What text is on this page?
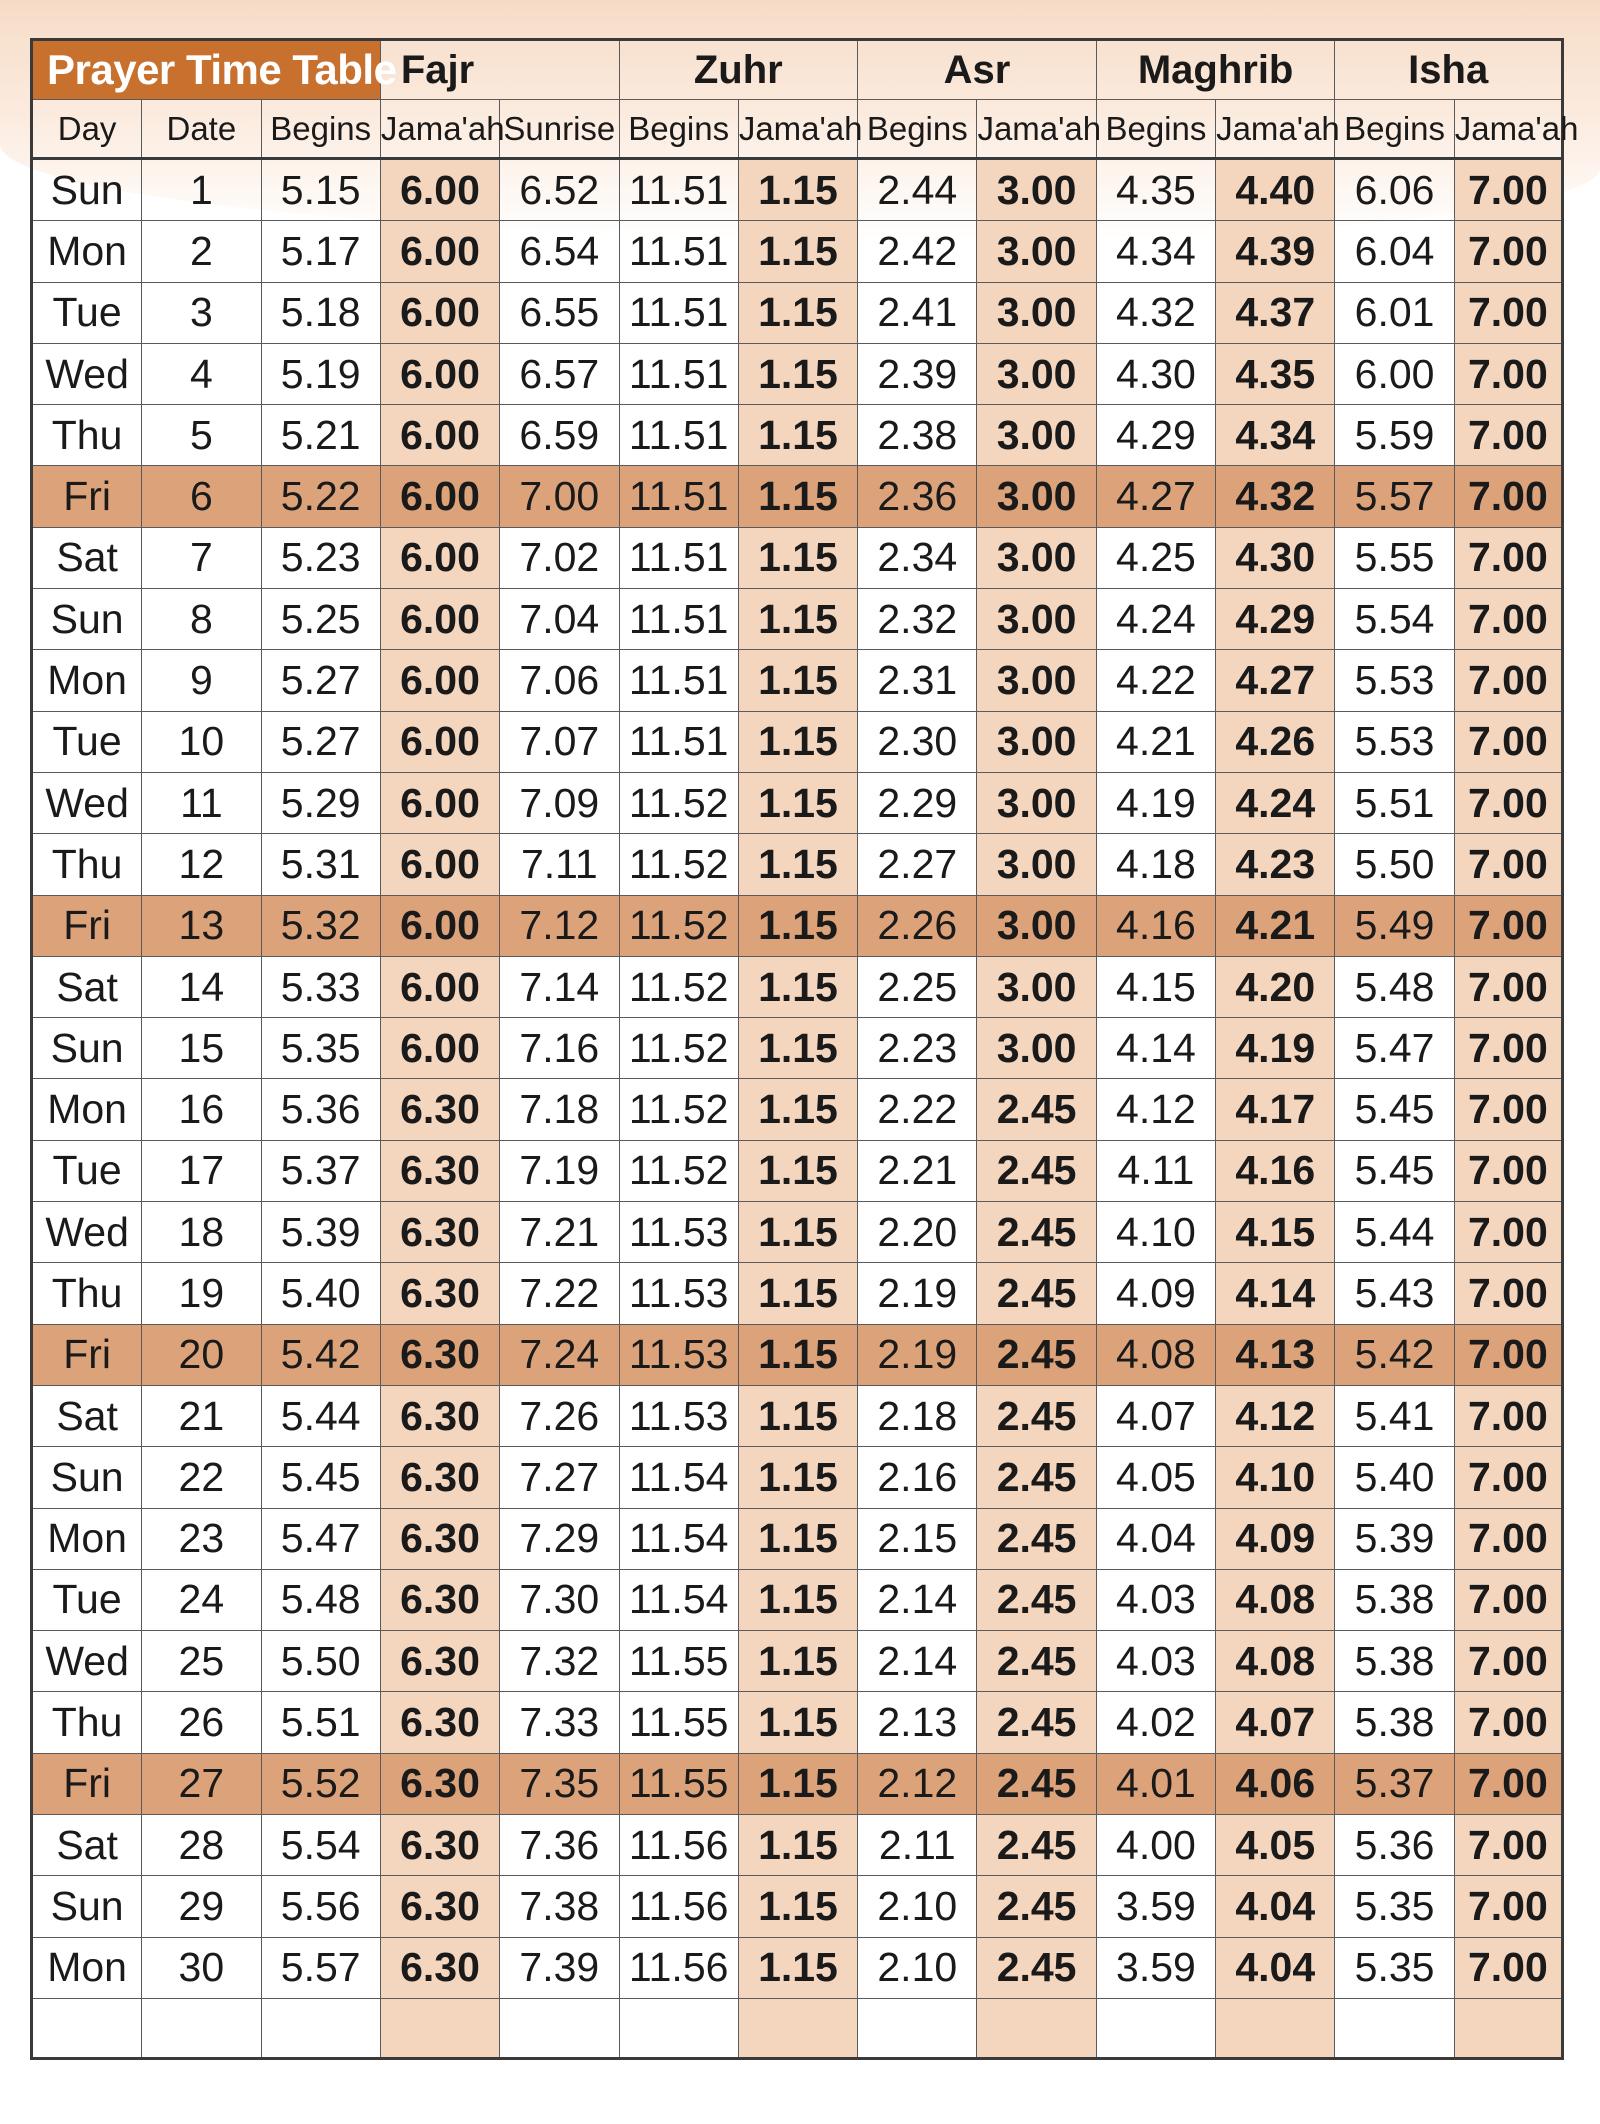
Prayer Time Table			Fajr		Zuhr		Asr		Maghrib		Isha	
Day	Date	Begins	Jama'ah	Sunrise	Begins	Jama'ah	Begins	Jama'ah	Begins	Jama'ah	Begins	Jama'ah
Sun	1	5.15	6.00	6.52	11.51	1.15	2.44	3.00	4.35	4.40	6.06	7.00
Mon	2	5.17	6.00	6.54	11.51	1.15	2.42	3.00	4.34	4.39	6.04	7.00
Tue	3	5.18	6.00	6.55	11.51	1.15	2.41	3.00	4.32	4.37	6.01	7.00
Wed	4	5.19	6.00	6.57	11.51	1.15	2.39	3.00	4.30	4.35	6.00	7.00
Thu	5	5.21	6.00	6.59	11.51	1.15	2.38	3.00	4.29	4.34	5.59	7.00
Fri	6	5.22	6.00	7.00	11.51	1.15	2.36	3.00	4.27	4.32	5.57	7.00
Sat	7	5.23	6.00	7.02	11.51	1.15	2.34	3.00	4.25	4.30	5.55	7.00
Sun	8	5.25	6.00	7.04	11.51	1.15	2.32	3.00	4.24	4.29	5.54	7.00
Mon	9	5.27	6.00	7.06	11.51	1.15	2.31	3.00	4.22	4.27	5.53	7.00
Tue	10	5.27	6.00	7.07	11.51	1.15	2.30	3.00	4.21	4.26	5.53	7.00
Wed	11	5.29	6.00	7.09	11.52	1.15	2.29	3.00	4.19	4.24	5.51	7.00
Thu	12	5.31	6.00	7.11	11.52	1.15	2.27	3.00	4.18	4.23	5.50	7.00
Fri	13	5.32	6.00	7.12	11.52	1.15	2.26	3.00	4.16	4.21	5.49	7.00
Sat	14	5.33	6.00	7.14	11.52	1.15	2.25	3.00	4.15	4.20	5.48	7.00
Sun	15	5.35	6.00	7.16	11.52	1.15	2.23	3.00	4.14	4.19	5.47	7.00
Mon	16	5.36	6.30	7.18	11.52	1.15	2.22	2.45	4.12	4.17	5.45	7.00
Tue	17	5.37	6.30	7.19	11.52	1.15	2.21	2.45	4.11	4.16	5.45	7.00
Wed	18	5.39	6.30	7.21	11.53	1.15	2.20	2.45	4.10	4.15	5.44	7.00
Thu	19	5.40	6.30	7.22	11.53	1.15	2.19	2.45	4.09	4.14	5.43	7.00
Fri	20	5.42	6.30	7.24	11.53	1.15	2.19	2.45	4.08	4.13	5.42	7.00
Sat	21	5.44	6.30	7.26	11.53	1.15	2.18	2.45	4.07	4.12	5.41	7.00
Sun	22	5.45	6.30	7.27	11.54	1.15	2.16	2.45	4.05	4.10	5.40	7.00
Mon	23	5.47	6.30	7.29	11.54	1.15	2.15	2.45	4.04	4.09	5.39	7.00
Tue	24	5.48	6.30	7.30	11.54	1.15	2.14	2.45	4.03	4.08	5.38	7.00
Wed	25	5.50	6.30	7.32	11.55	1.15	2.14	2.45	4.03	4.08	5.38	7.00
Thu	26	5.51	6.30	7.33	11.55	1.15	2.13	2.45	4.02	4.07	5.38	7.00
Fri	27	5.52	6.30	7.35	11.55	1.15	2.12	2.45	4.01	4.06	5.37	7.00
Sat	28	5.54	6.30	7.36	11.56	1.15	2.11	2.45	4.00	4.05	5.36	7.00
Sun	29	5.56	6.30	7.38	11.56	1.15	2.10	2.45	3.59	4.04	5.35	7.00
Mon	30	5.57	6.30	7.39	11.56	1.15	2.10	2.45	3.59	4.04	5.35	7.00
